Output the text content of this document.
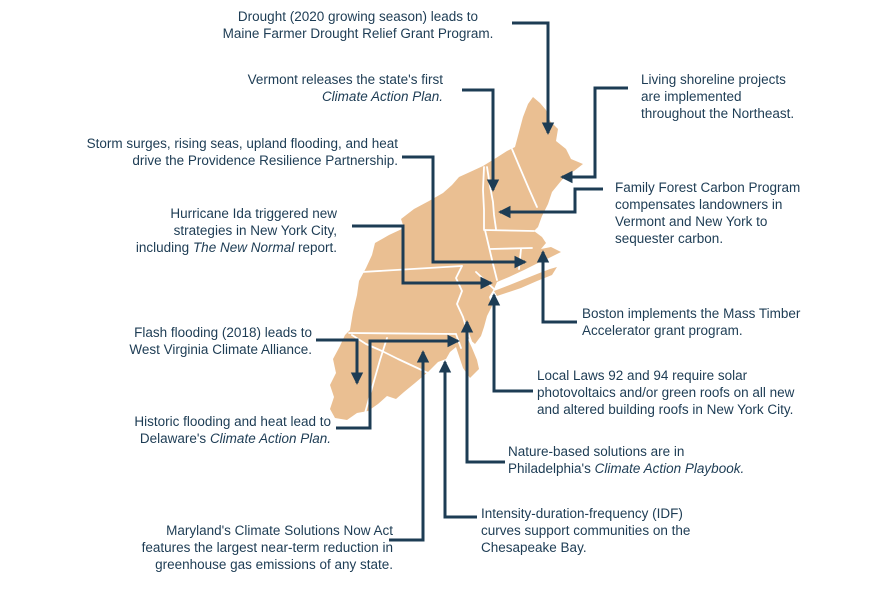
Drought (2020 growing season) leads to
Maine Farmer Drought Relief Grant Program.
Vermont releases the state's first
Climate Action Plan.
Living shoreline projects
are implemented
throughout the Northeast.
Storm surges, rising seas, upland flooding, and heat
drive the Providence Resilience Partnership.
Family Forest Carbon Program
compensates landowners in
Vermont and New York to
sequester carbon.
Hurricane Ida triggered new
strategies in New York City,
including The New Normal report.
Boston implements the Mass Timber
Accelerator grant program.
Flash flooding (2018) leads to
West Virginia Climate Alliance.
Local Laws 92 and 94 require solar
photovoltaics and/or green roofs on all new
and altered building roofs in New York City.
Historic flooding and heat lead to
Delaware's Climate Action Plan.
Nature-based solutions are in
Philadelphia's Climate Action Playbook.
Intensity-duration-frequency (IDF)
curves support communities on the
Chesapeake Bay.
Maryland's Climate Solutions Now Act
features the largest near-term reduction in
greenhouse gas emissions of any state.
